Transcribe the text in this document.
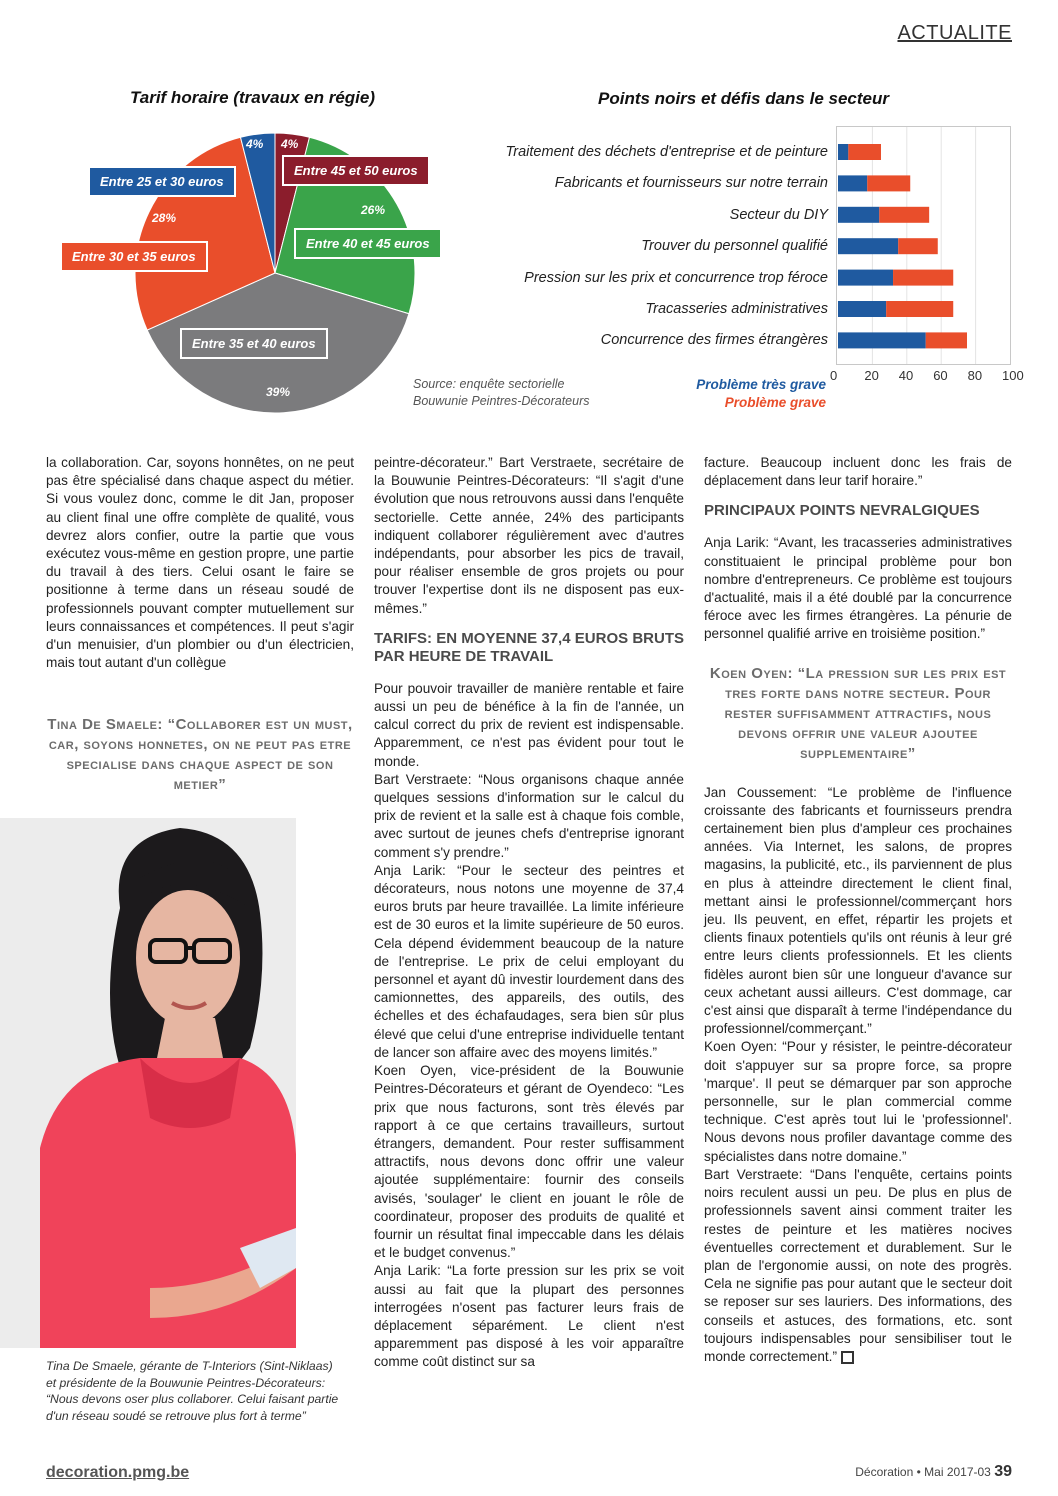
ACTUALITE
Tarif horaire (travaux en régie)
4%
4%
26%
28%
39%
Entre 25 et 30 euros
Entre 45 et 50 euros
Entre 30 et 35 euros
Entre 40 et 45 euros
Entre 35 et 40 euros
Points noirs et défis dans le secteur
Traitement des déchets d'entreprise et de peinture
Fabricants et fournisseurs sur notre terrain
Secteur du DIY
Trouver du personnel qualifié
Pression sur les prix et concurrence trop féroce
Tracasseries administratives
Concurrence des firmes étrangères
0 20 40 60 80 100
Source: enquête sectorielle
Bouwunie Peintres-Décorateurs
Problème très grave
Problème grave

la collaboration. Car, soyons honnêtes, on ne peut pas être spécialisé dans chaque aspect du métier. Si vous voulez donc, comme le dit Jan, proposer au client final une offre complète de qualité, vous devrez alors confier, outre la partie que vous exécutez vous-même en gestion propre, une partie du travail à des tiers. Celui osant le faire se positionne à terme dans un réseau soudé de professionnels pouvant compter mutuellement sur leurs connaissances et compétences. Il peut s'agir d'un menuisier, d'un plombier ou d'un électricien, mais tout autant d'un collègue

Tina De Smaele: “Collaborer est un must, car, soyons honnetes, on ne peut pas etre specialise dans chaque aspect de son metier”
Tina De Smaele, gérante de T-Interiors (Sint-Niklaas) et présidente de la Bouwunie Peintres-Décorateurs: “Nous devons oser plus collaborer. Celui faisant partie d'un réseau soudé se retrouve plus fort à terme”

peintre-décorateur.” Bart Verstraete, secrétaire de la Bouwunie Peintres-Décorateurs: “Il s'agit d'une évolution que nous retrouvons aussi dans l'enquête sectorielle. Cette année, 24% des participants indiquent collaborer régulièrement avec d'autres indépendants, pour absorber les pics de travail, pour réaliser ensemble de gros projets ou pour trouver l'expertise dont ils ne disposent pas eux-mêmes.”

TARIFS: EN MOYENNE 37,4 EUROS BRUTS PAR HEURE DE TRAVAIL

Pour pouvoir travailler de manière rentable et faire aussi un peu de bénéfice à la fin de l'année, un calcul correct du prix de revient est indispensable. Apparemment, ce n'est pas évident pour tout le monde.

Bart Verstraete: “Nous organisons chaque année quelques sessions d'information sur le calcul du prix de revient et la salle est à chaque fois comble, avec surtout de jeunes chefs d'entreprise ignorant comment s'y prendre.”

Anja Larik: “Pour le secteur des peintres et décorateurs, nous notons une moyenne de 37,4 euros bruts par heure travaillée. La limite inférieure est de 30 euros et la limite supérieure de 50 euros. Cela dépend évidemment beaucoup de la nature de l'entreprise. Le prix de celui employant du personnel et ayant dû investir lourdement dans des camionnettes, des appareils, des outils, des échelles et des échafaudages, sera bien sûr plus élevé que celui d'une entreprise individuelle tentant de lancer son affaire avec des moyens limités.”

Koen Oyen, vice-président de la Bouwunie Peintres-Décorateurs et gérant de Oyendeco: “Les prix que nous facturons, sont très élevés par rapport à ce que certains travailleurs, surtout étrangers, demandent. Pour rester suffisamment attractifs, nous devons donc offrir une valeur ajoutée supplémentaire: fournir des conseils avisés, 'soulager' le client en jouant le rôle de coordinateur, proposer des produits de qualité et fournir un résultat final impeccable dans les délais et le budget convenus.”

Anja Larik: “La forte pression sur les prix se voit aussi au fait que la plupart des personnes interrogées n'osent pas facturer leurs frais de déplacement séparément. Le client n'est apparemment pas disposé à les voir apparaître comme coût distinct sur sa

facture. Beaucoup incluent donc les frais de déplacement dans leur tarif horaire.”

PRINCIPAUX POINTS NEVRALGIQUES

Anja Larik: “Avant, les tracasseries administratives constituaient le principal problème pour bon nombre d'entrepreneurs. Ce problème est toujours d'actualité, mais il a été doublé par la concurrence féroce avec les firmes étrangères. La pénurie de personnel qualifié arrive en troisième position.”

Koen Oyen: “La pression sur les prix est tres forte dans notre secteur. Pour rester suffisamment attractifs, nous devons offrir une valeur ajoutee supplementaire”

Jan Coussement: “Le problème de l'influence croissante des fabricants et fournisseurs prendra certainement bien plus d'ampleur ces prochaines années. Via Internet, les salons, de propres magasins, la publicité, etc., ils parviennent de plus en plus à atteindre directement le client final, mettant ainsi le professionnel/commerçant hors jeu. Ils peuvent, en effet, répartir les projets et clients finaux potentiels qu'ils ont réunis à leur gré entre leurs clients professionnels. Et les clients fidèles auront bien sûr une longueur d'avance sur ceux achetant aussi ailleurs. C'est dommage, car c'est ainsi que disparaît à terme l'indépendance du professionnel/commerçant.”

Koen Oyen: “Pour y résister, le peintre-décorateur doit s'appuyer sur sa propre force, sa propre 'marque'. Il peut se démarquer par son approche personnelle, sur le plan commercial comme technique. C'est après tout lui le 'professionnel'. Nous devons nous profiler davantage comme des spécialistes dans notre domaine.”

Bart Verstraete: “Dans l'enquête, certains points noirs reculent aussi un peu. De plus en plus de professionnels savent ainsi comment traiter les restes de peinture et les matières nocives éventuelles correctement et durablement. Sur le plan de l'ergonomie aussi, on note des progrès. Cela ne signifie pas pour autant que le secteur doit se reposer sur ses lauriers. Des informations, des conseils et astuces, des formations, etc. sont toujours indispensables pour sensibiliser tout le monde correctement.”

decoration.pmg.be	Décoration • Mai 2017-03 39
